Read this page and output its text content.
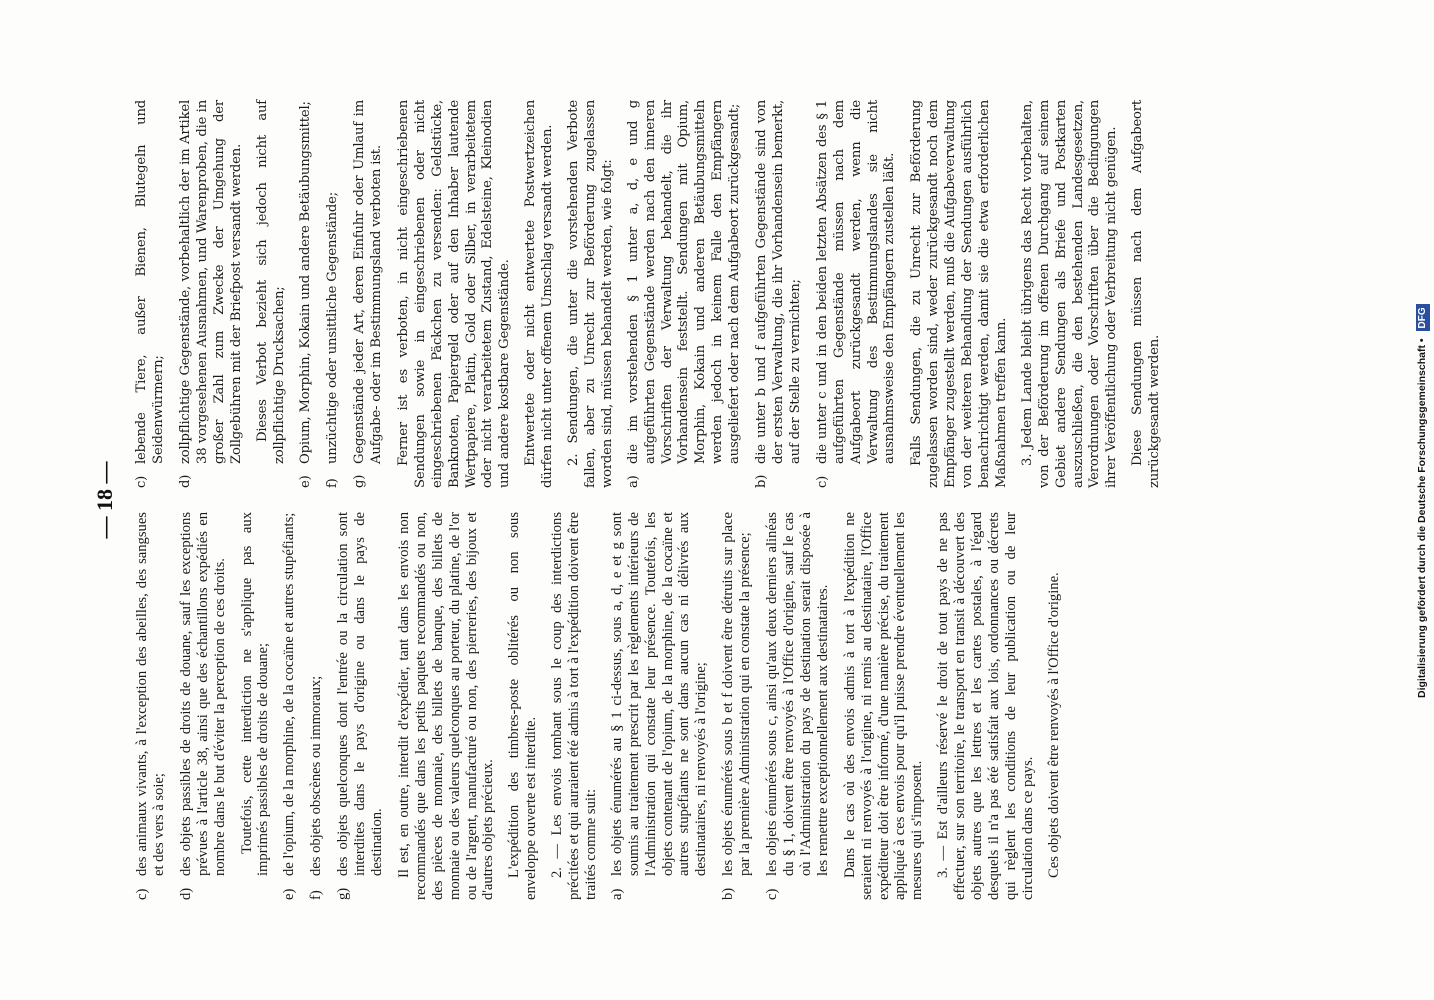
— 18 —
c)
des animaux vivants, à l'exception des abeilles, des sangsues et des vers à soie;
d)
des objets passibles de droits de douane, sauf les exceptions prévues à l'article 38, ainsi que des échantillons expédiés en nombre dans le but d'éviter la perception de ces droits. Toutefois, cette interdiction ne s'applique pas aux imprimés passibles de droits de douane;

e)
de l'opium, de la morphine, de la cocaïne et autres stupéfiants;
f)
des objets obscènes ou immoraux;
g)
des objets quelconques dont l'entrée ou la circulation sont interdites dans le pays d'origine ou dans le pays de destination. Il est, en outre, interdit d'expédier, tant dans les envois non recommandés que dans les petits paquets recommandés ou non, des pièces de monnaie, des billets de banque, des billets de monnaie ou des valeurs quelconques au porteur, du platine, de l'or ou de l'argent, manufacturé ou non, des pierreries, des bijoux et d'autres objets précieux. L'expédition des timbres-poste oblitérés ou non sous enveloppe ouverte est interdite. 2. — Les envois tombant sous le coup des interdictions précitées et qui auraient été admis à tort à l'expédition doivent être traités comme suit: a)
les objets énumérés au § 1 ci-dessus, sous a, d, e et g sont soumis au traitement prescrit par les règlements intérieurs de l'Administration qui constate leur présence. Toutefois, les objets contenant de l'opium, de la morphine, de la cocaïne et autres stupéfiants ne sont dans aucun cas ni délivrés aux destinataires, ni renvoyés à l'origine;
b)
les objets énumérés sous b et f doivent être détruits sur place par la première Administration qui en constate la présence;
c)
les objets énumérés sous c, ainsi qu'aux deux derniers alinéas du § 1, doivent être renvoyés à l'Office d'origine, sauf le cas où l'Administration du pays de destination serait disposée à les remettre exceptionnellement aux destinataires. Dans le cas où des envois admis à tort à l'expédition ne seraient ni renvoyés à l'origine, ni remis au destinataire, l'Office expéditeur doit être informé, d'une manière précise, du traitement appliqué à ces envois pour qu'il puisse prendre éventuellement les mesures qui s'imposent. 3. — Est d'ailleurs réservé le droit de tout pays de ne pas effectuer, sur son territoire, le transport en transit à découvert des objets autres que les lettres et les cartes postales, à l'égard desquels il n'a pas été satisfait aux lois, ordonnances ou décrets qui règlent les conditions de leur publication ou de leur circulation dans ce pays. Ces objets doivent être renvoyés à l'Office d'origine.

c)
lebende Tiere, außer Bienen, Blutegeln und Seidenwürmern;
d)
zollpflichtige Gegenstände, vorbehaltlich der im Artikel 38 vorgesehenen Ausnahmen, und Warenproben, die in großer Zahl zum Zwecke der Umgehung der Zollgebühren mit der Briefpost versandt werden. Dieses Verbot bezieht sich jedoch nicht auf zollpflichtige Drucksachen;

e)
Opium, Morphin, Kokain und andere Betäubungsmittel;
f)
unzüchtige oder unsittliche Gegenstände;
g)
Gegenstände jeder Art, deren Einfuhr oder Umlauf im Aufgabe- oder im Bestimmungsland verboten ist. Ferner ist es verboten, in nicht eingeschriebenen Sendungen sowie in eingeschriebenen oder nicht eingeschriebenen Päckchen zu versenden: Geldstücke, Banknoten, Papiergeld oder auf den Inhaber lautende Wertpapiere, Platin, Gold oder Silber, in verarbeitetem oder nicht verarbeitetem Zustand, Edelsteine, Kleinodien und andere kostbare Gegenstände. Entwertete oder nicht entwertete Postwertzeichen dürfen nicht unter offenem Umschlag versandt werden. 2. Sendungen, die unter die vorstehenden Verbote fallen, aber zu Unrecht zur Beförderung zugelassen worden sind, müssen behandelt werden, wie folgt: a)
die im vorstehenden § 1 unter a, d, e und g aufgeführten Gegenstände werden nach den inneren Vorschriften der Verwaltung behandelt, die ihr Vorhandensein feststellt. Sendungen mit Opium, Morphin, Kokain und anderen Betäubungsmitteln werden jedoch in keinem Falle den Empfängern ausgeliefert oder nach dem Aufgabeort zurückgesandt;
b)
die unter b und f aufgeführten Gegenstände sind von der ersten Verwaltung, die ihr Vorhandensein bemerkt, auf der Stelle zu vernichten;
c)
die unter c und in den beiden letzten Absätzen des § 1 aufgeführten Gegenstände müssen nach dem Aufgabeort zurückgesandt werden, wenn die Verwaltung des Bestimmungslandes sie nicht ausnahmsweise den Empfängern zustellen läßt. Falls Sendungen, die zu Unrecht zur Beförderung zugelassen worden sind, weder zurückgesandt noch dem Empfänger zugestellt werden, muß die Aufgabeverwaltung von der weiteren Behandlung der Sendungen ausführlich benachrichtigt werden, damit sie die etwa erforderlichen Maßnahmen treffen kann. 3. Jedem Lande bleibt übrigens das Recht vorbehalten, von der Beförderung im offenen Durchgang auf seinem Gebiet andere Sendungen als Briefe und Postkarten auszuschließen, die den bestehenden Landesgesetzen, Verordnungen oder Vorschriften über die Bedingungen ihrer Veröffentlichung oder Verbreitung nicht genügen. Diese Sendungen müssen nach dem Aufgabeort zurückgesandt werden.	Digitalisierung gefördert durch die Deutsche Forschungsgemeinschaft • DFG
